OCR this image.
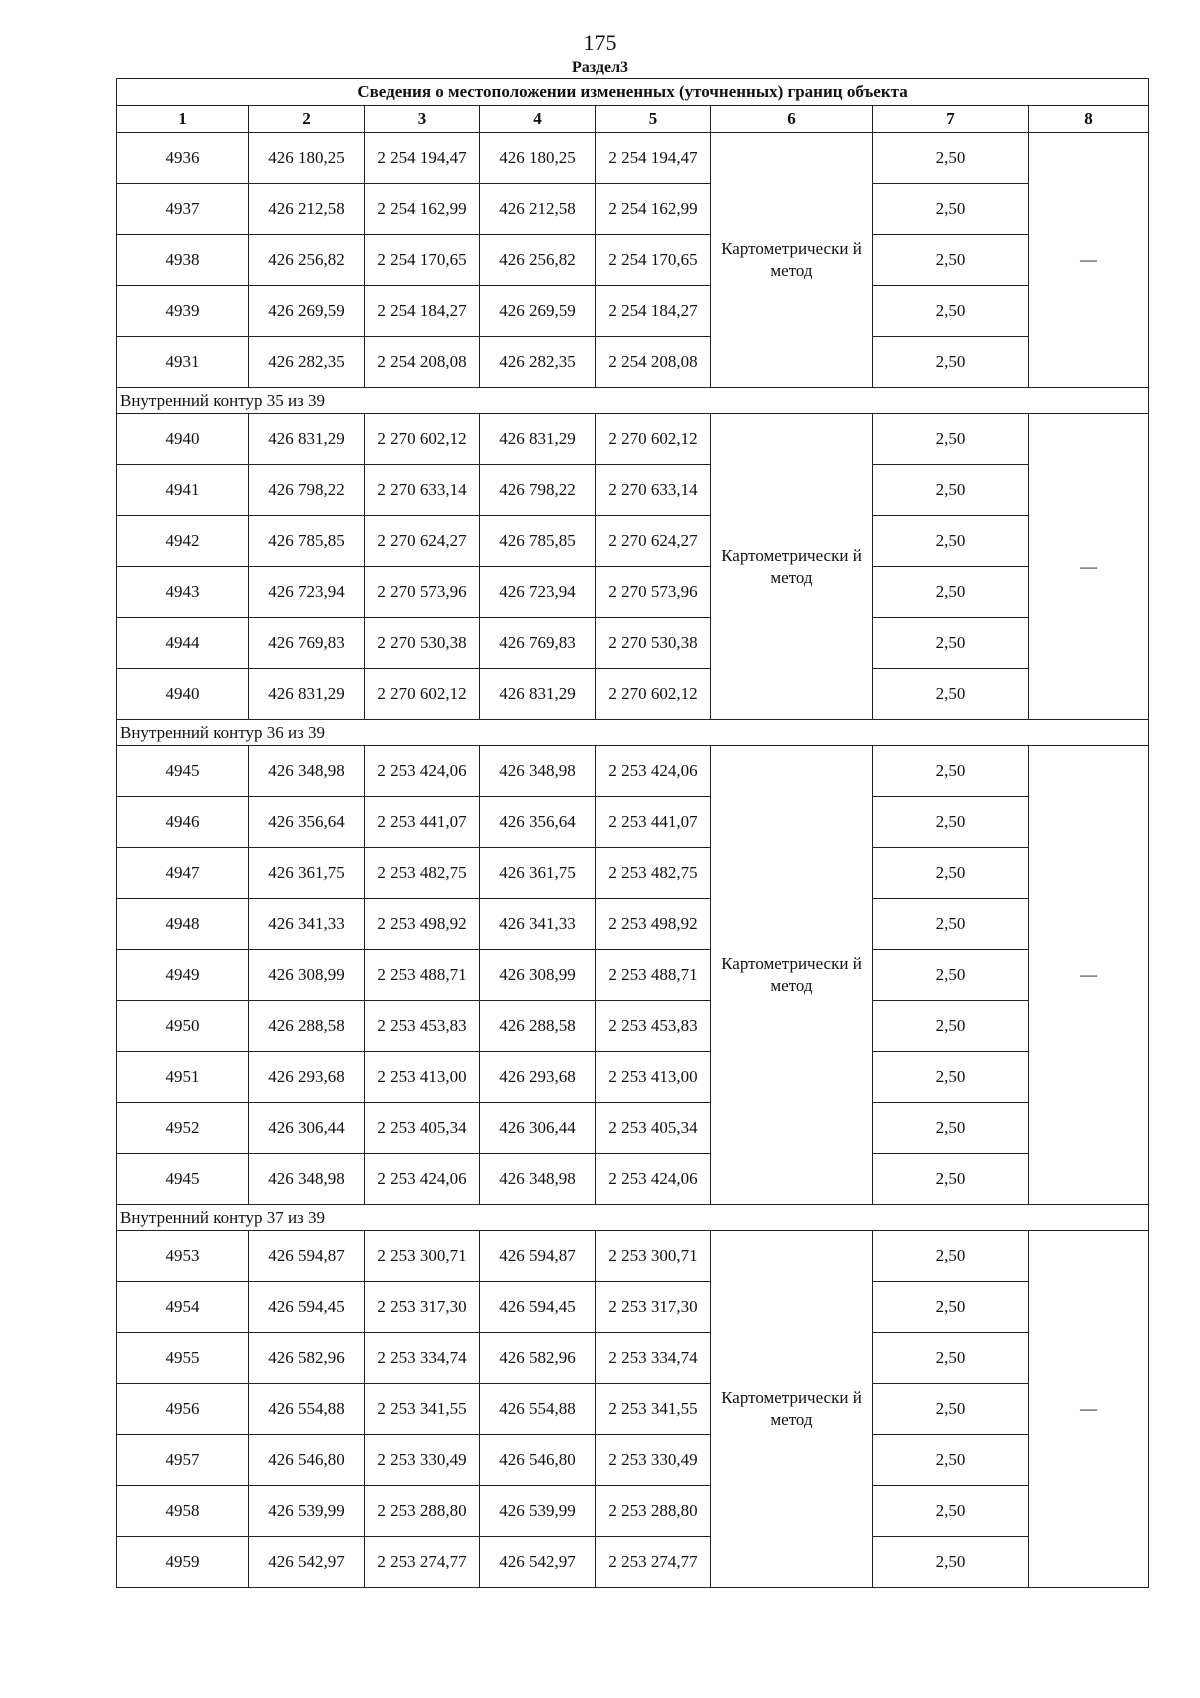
175
Раздел3
Сведения о местоположении измененных (уточненных) границ объекта							
1	2	3	4	5	6	7	8
4936	426 180,25	2 254 194,47	426 180,25	2 254 194,47	Картометрически й метод	2,50	—
4937	426 212,58	2 254 162,99	426 212,58	2 254 162,99		2,50	
4938	426 256,82	2 254 170,65	426 256,82	2 254 170,65		2,50	
4939	426 269,59	2 254 184,27	426 269,59	2 254 184,27		2,50	
4931	426 282,35	2 254 208,08	426 282,35	2 254 208,08		2,50	
Внутренний контур 35 из 39							
4940	426 831,29	2 270 602,12	426 831,29	2 270 602,12	Картометрически й метод	2,50	—
4941	426 798,22	2 270 633,14	426 798,22	2 270 633,14		2,50	
4942	426 785,85	2 270 624,27	426 785,85	2 270 624,27		2,50	
4943	426 723,94	2 270 573,96	426 723,94	2 270 573,96		2,50	
4944	426 769,83	2 270 530,38	426 769,83	2 270 530,38		2,50	
4940	426 831,29	2 270 602,12	426 831,29	2 270 602,12		2,50	
Внутренний контур 36 из 39							
4945	426 348,98	2 253 424,06	426 348,98	2 253 424,06	Картометрически й метод	2,50	—
4946	426 356,64	2 253 441,07	426 356,64	2 253 441,07		2,50	
4947	426 361,75	2 253 482,75	426 361,75	2 253 482,75		2,50	
4948	426 341,33	2 253 498,92	426 341,33	2 253 498,92		2,50	
4949	426 308,99	2 253 488,71	426 308,99	2 253 488,71		2,50	
4950	426 288,58	2 253 453,83	426 288,58	2 253 453,83		2,50	
4951	426 293,68	2 253 413,00	426 293,68	2 253 413,00		2,50	
4952	426 306,44	2 253 405,34	426 306,44	2 253 405,34		2,50	
4945	426 348,98	2 253 424,06	426 348,98	2 253 424,06		2,50	
Внутренний контур 37 из 39							
4953	426 594,87	2 253 300,71	426 594,87	2 253 300,71	Картометрически й метод	2,50	—
4954	426 594,45	2 253 317,30	426 594,45	2 253 317,30		2,50	
4955	426 582,96	2 253 334,74	426 582,96	2 253 334,74		2,50	
4956	426 554,88	2 253 341,55	426 554,88	2 253 341,55		2,50	
4957	426 546,80	2 253 330,49	426 546,80	2 253 330,49		2,50	
4958	426 539,99	2 253 288,80	426 539,99	2 253 288,80		2,50	
4959	426 542,97	2 253 274,77	426 542,97	2 253 274,77		2,50	
